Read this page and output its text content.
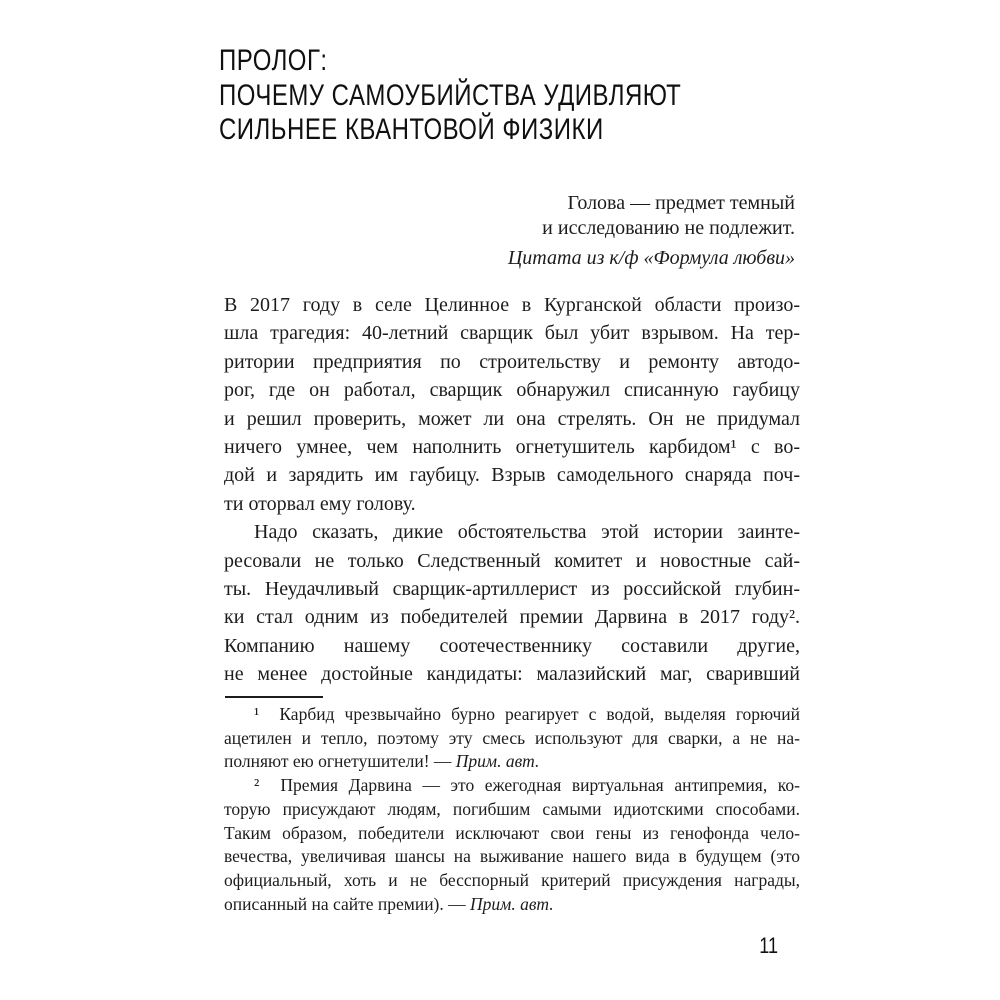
ПРОЛОГ:
ПОЧЕМУ САМОУБИЙСТВА УДИВЛЯЮТ
СИЛЬНЕЕ КВАНТОВОЙ ФИЗИКИ
Голова — предмет темный
и исследованию не подлежит.
Цитата из к/ф «Формула любви»
В 2017 году в селе Целинное в Курганской области произо-
шла трагедия: 40-летний сварщик был убит взрывом. На тер-
ритории предприятия по строительству и ремонту автодо-
рог, где он работал, сварщик обнаружил списанную гаубицу
и решил проверить, может ли она стрелять. Он не придумал
ничего умнее, чем наполнить огнетушитель карбидом¹ с во-
дой и зарядить им гаубицу. Взрыв самодельного снаряда поч-
ти оторвал ему голову.
Надо сказать, дикие обстоятельства этой истории заинте-
ресовали не только Следственный комитет и новостные сай-
ты. Неудачливый сварщик-артиллерист из российской глубин-
ки стал одним из победителей премии Дарвина в 2017 году².
Компанию нашему соотечественнику составили другие,
не менее достойные кандидаты: малазийский маг, сваривший
¹  Карбид чрезвычайно бурно реагирует с водой, выделяя горючий
ацетилен и тепло, поэтому эту смесь используют для сварки, а не на-
полняют ею огнетушители! — Прим. авт.
²  Премия Дарвина — это ежегодная виртуальная антипремия, ко-
торую присуждают людям, погибшим самыми идиотскими способами.
Таким образом, победители исключают свои гены из генофонда чело-
вечества, увеличивая шансы на выживание нашего вида в будущем (это
официальный, хоть и не бесспорный критерий присуждения награды,
описанный на сайте премии). — Прим. авт.
11
